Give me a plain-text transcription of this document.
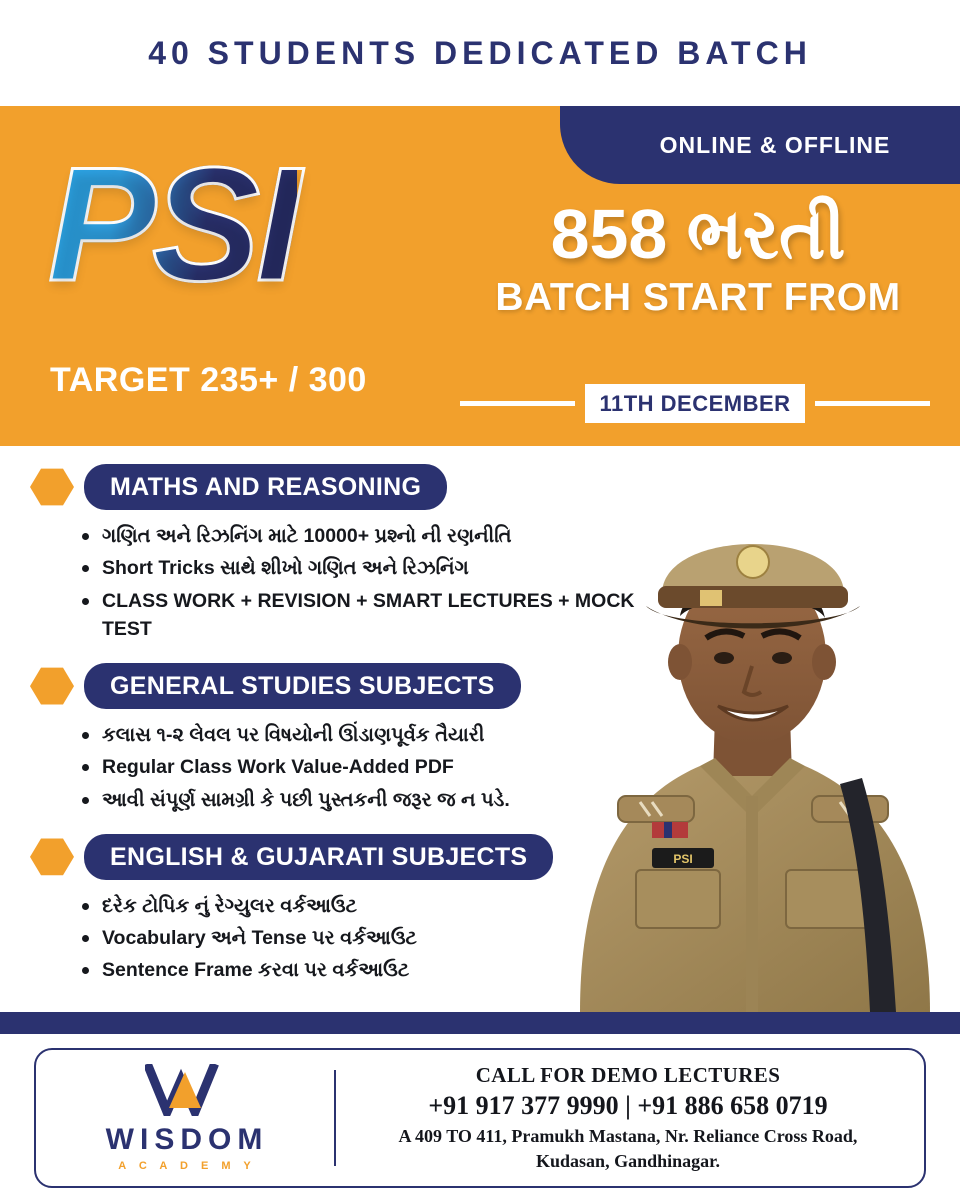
40 STUDENTS DEDICATED BATCH
ONLINE & OFFLINE
PSI
TARGET 235+ / 300
858 ભરતી
BATCH START FROM
11TH DECEMBER
PSI
MATHS AND REASONING
ગણિત અને રિઝનિંગ માટે 10000+ પ્રશ્નો ની રણનીતિ
Short Tricks સાથે શીખો ગણિત અને રિઝનિંગ
CLASS WORK + REVISION + SMART LECTURES + MOCK TEST
GENERAL STUDIES SUBJECTS
કલાસ ૧-૨ લેવલ પર વિષયોની ઊંડાણપૂર્વક તૈયારી
Regular Class Work Value-Added PDF
આવી સંપૂર્ણ સામગ્રી કે પછી પુસ્તકની જરૂર જ ન પડે.
ENGLISH & GUJARATI SUBJECTS
દરેક ટોપિક નું રેગ્યુલર વર્કઆઉટ
Vocabulary અને Tense પર વર્કઆઉટ
Sentence Frame કરવા પર વર્કઆઉટ
WISDOM
A C A D E M Y
CALL FOR DEMO LECTURES
+91 917 377 9990 | +91 886 658 0719
A 409 TO 411, Pramukh Mastana, Nr. Reliance Cross Road,
Kudasan, Gandhinagar.
